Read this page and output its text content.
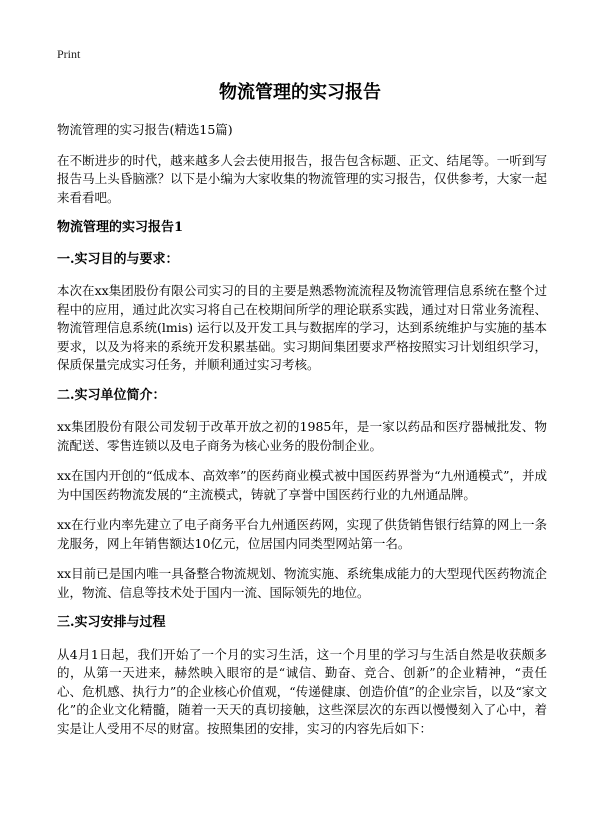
Print
物流管理的实习报告

物流管理的实习报告(精选15篇)

在不断进步的时代，越来越多人会去使用报告，报告包含标题、正文、结尾等。一听到写报告马上头昏脑涨？以下是小编为大家收集的物流管理的实习报告，仅供参考，大家一起来看看吧。

物流管理的实习报告1

一.实习目的与要求：

本次在xx集团股份有限公司实习的目的主要是熟悉物流流程及物流管理信息系统在整个过程中的应用，通过此次实习将自己在校期间所学的理论联系实践，通过对日常业务流程、物流管理信息系统(lmis) 运行以及开发工具与数据库的学习，达到系统维护与实施的基本要求，以及为将来的系统开发积累基础。实习期间集团要求严格按照实习计划组织学习，保质保量完成实习任务，并顺利通过实习考核。

二.实习单位简介：

xx集团股份有限公司发轫于改革开放之初的1985年，是一家以药品和医疗器械批发、物流配送、零售连锁以及电子商务为核心业务的股份制企业。

xx在国内开创的“低成本、高效率”的医药商业模式被中国医药界誉为“九州通模式”，并成为中国医药物流发展的“主流模式，铸就了享誉中国医药行业的九州通品牌。

xx在行业内率先建立了电子商务平台九州通医药网，实现了供货销售银行结算的网上一条龙服务，网上年销售额达10亿元，位居国内同类型网站第一名。

xx目前已是国内唯一具备整合物流规划、物流实施、系统集成能力的大型现代医药物流企业，物流、信息等技术处于国内一流、国际领先的地位。

三.实习安排与过程

从4月1日起，我们开始了一个月的实习生活，这一个月里的学习与生活自然是收获颇多的，从第一天进来，赫然映入眼帘的是“诚信、勤奋、竞合、创新”的企业精神，“责任心、危机感、执行力”的企业核心价值观，“传递健康、创造价值”的企业宗旨，以及“家文化”的企业文化精髓，随着一天天的真切接触，这些深层次的东西以慢慢刻入了心中，着实是让人受用不尽的财富。按照集团的安排，实习的内容先后如下：
